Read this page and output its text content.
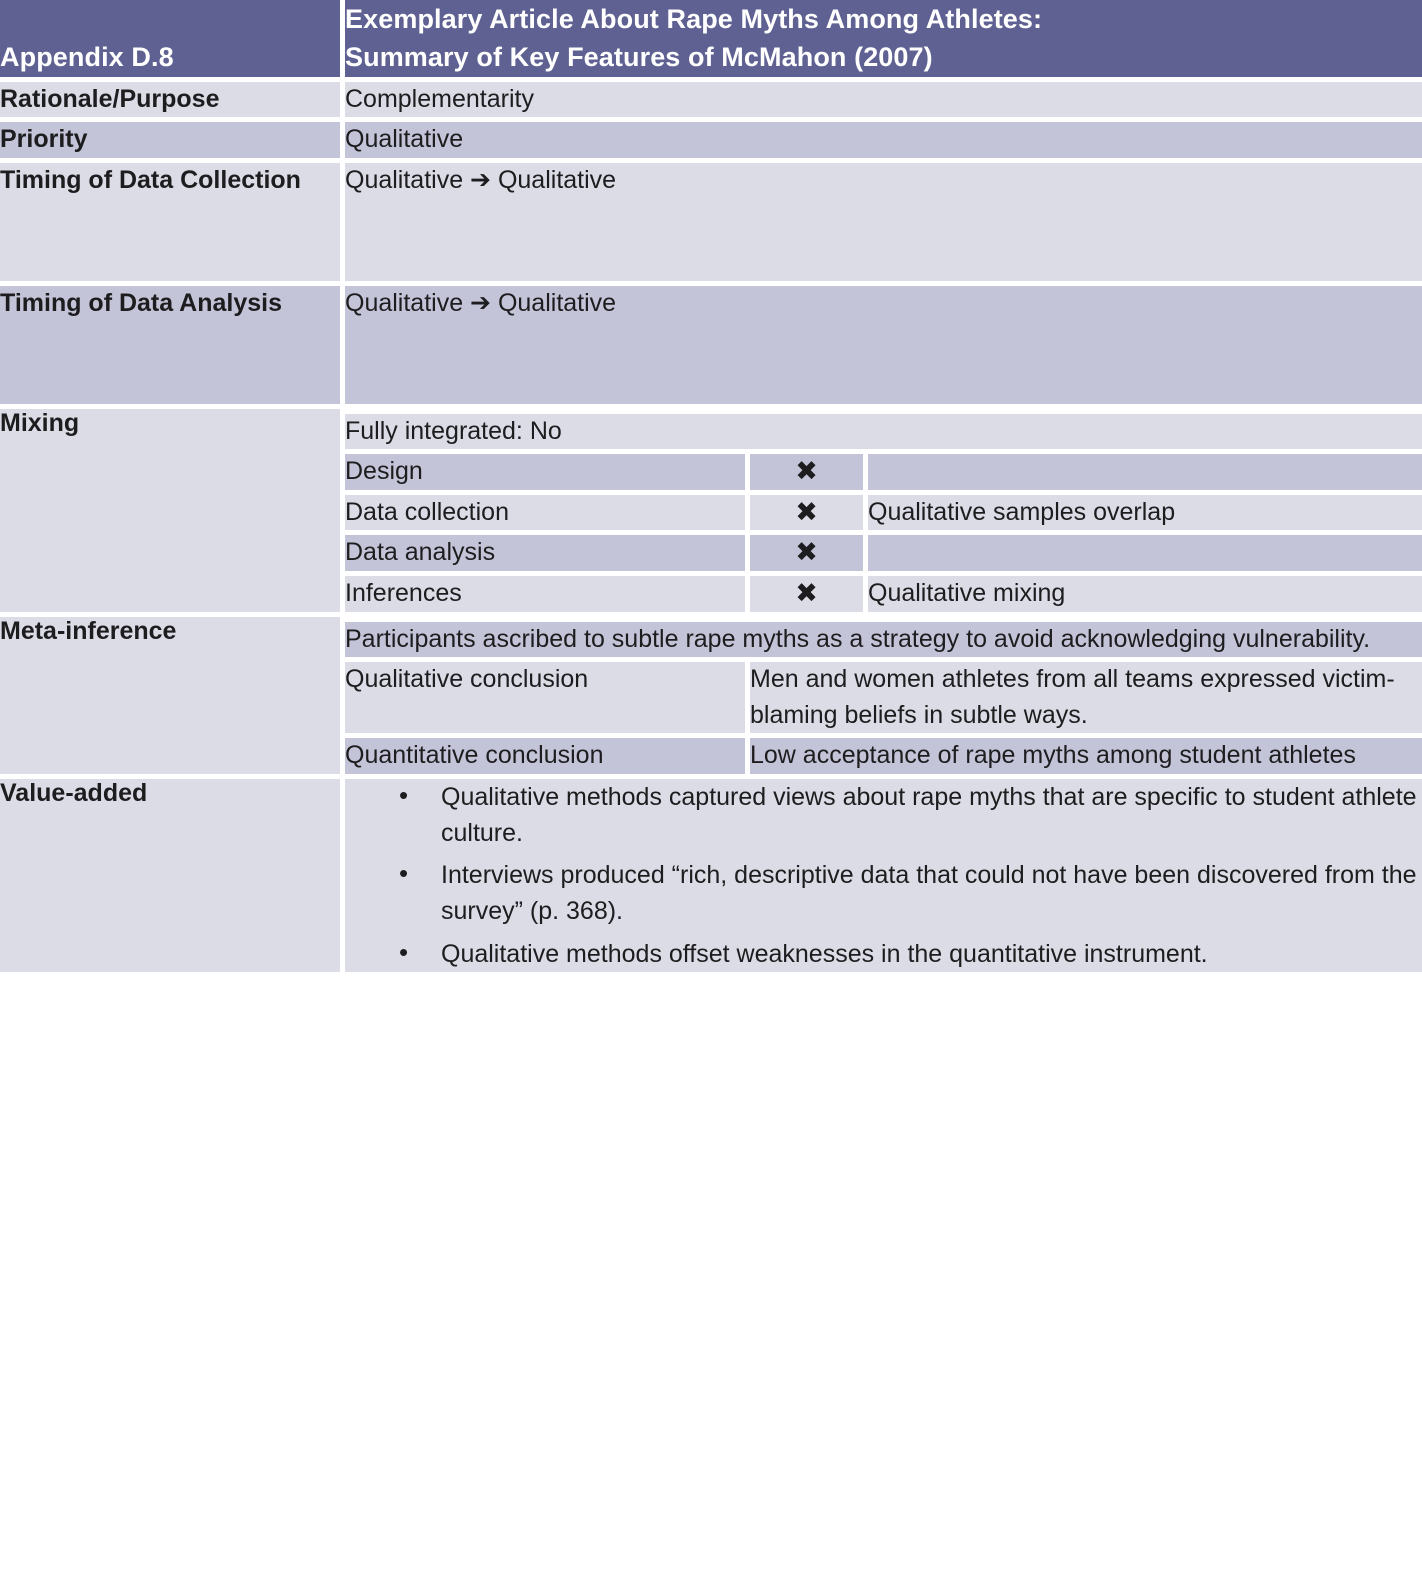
Appendix D.8	
Exemplary Article About Rape Myths Among Athletes:
Summary of Key Features of McMahon (2007)

Rationale/Purpose	Complementarity
Priority	Qualitative
Timing of Data Collection	Qualitative ➔ Qualitative
Timing of Data Analysis	Qualitative ➔ Qualitative
Mixing		Fully integrated: No
Design	✖	
Data collection	✖	Qualitative samples overlap
Data analysis	✖	
Inferences	✖	Qualitative mixing

Meta-inference		Participants ascribed to subtle rape myths as a strategy to avoid acknowledging vulnerability.
Qualitative conclusion	Men and women athletes from all teams expressed victim-blaming beliefs in subtle ways.
Quantitative conclusion	Low acceptance of rape myths among student athletes

Value-added	
•Qualitative methods captured views about rape myths that are specific to student athlete culture.
• Interviews produced “rich, descriptive data that could not have been discovered from the survey” (p. 368).
• Qualitative methods offset weaknesses in the quantitative instrument.
